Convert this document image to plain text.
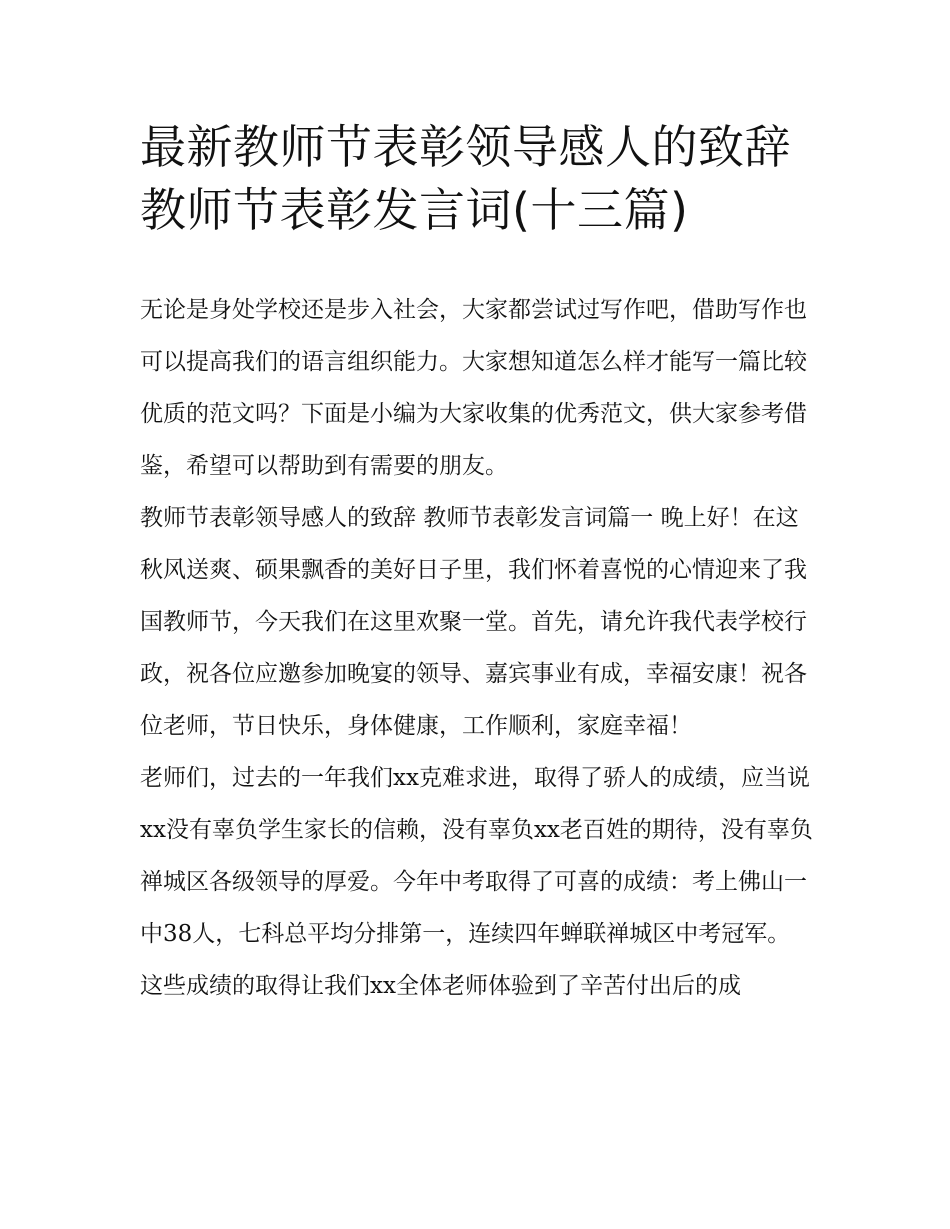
最新教师节表彰领导感人的致辞 教师节表彰发言词(十三篇)

无论是身处学校还是步入社会，大家都尝试过写作吧，借助写作也可以提高我们的语言组织能力。大家想知道怎么样才能写一篇比较优质的范文吗？下面是小编为大家收集的优秀范文，供大家参考借鉴，希望可以帮助到有需要的朋友。

教师节表彰领导感人的致辞 教师节表彰发言词篇一 晚上好！在这秋风送爽、硕果飘香的美好日子里，我们怀着喜悦的心情迎来了我国教师节，今天我们在这里欢聚一堂。首先，请允许我代表学校行政，祝各位应邀参加晚宴的领导、嘉宾事业有成，幸福安康！祝各位老师，节日快乐，身体健康，工作顺利，家庭幸福！

老师们，过去的一年我们xx克难求进，取得了骄人的成绩，应当说xx没有辜负学生家长的信赖，没有辜负xx老百姓的期待，没有辜负禅城区各级领导的厚爱。今年中考取得了可喜的成绩：考上佛山一中38人，七科总平均分排第一，连续四年蝉联禅城区中考冠军。

这些成绩的取得让我们xx全体老师体验到了辛苦付出后的成
